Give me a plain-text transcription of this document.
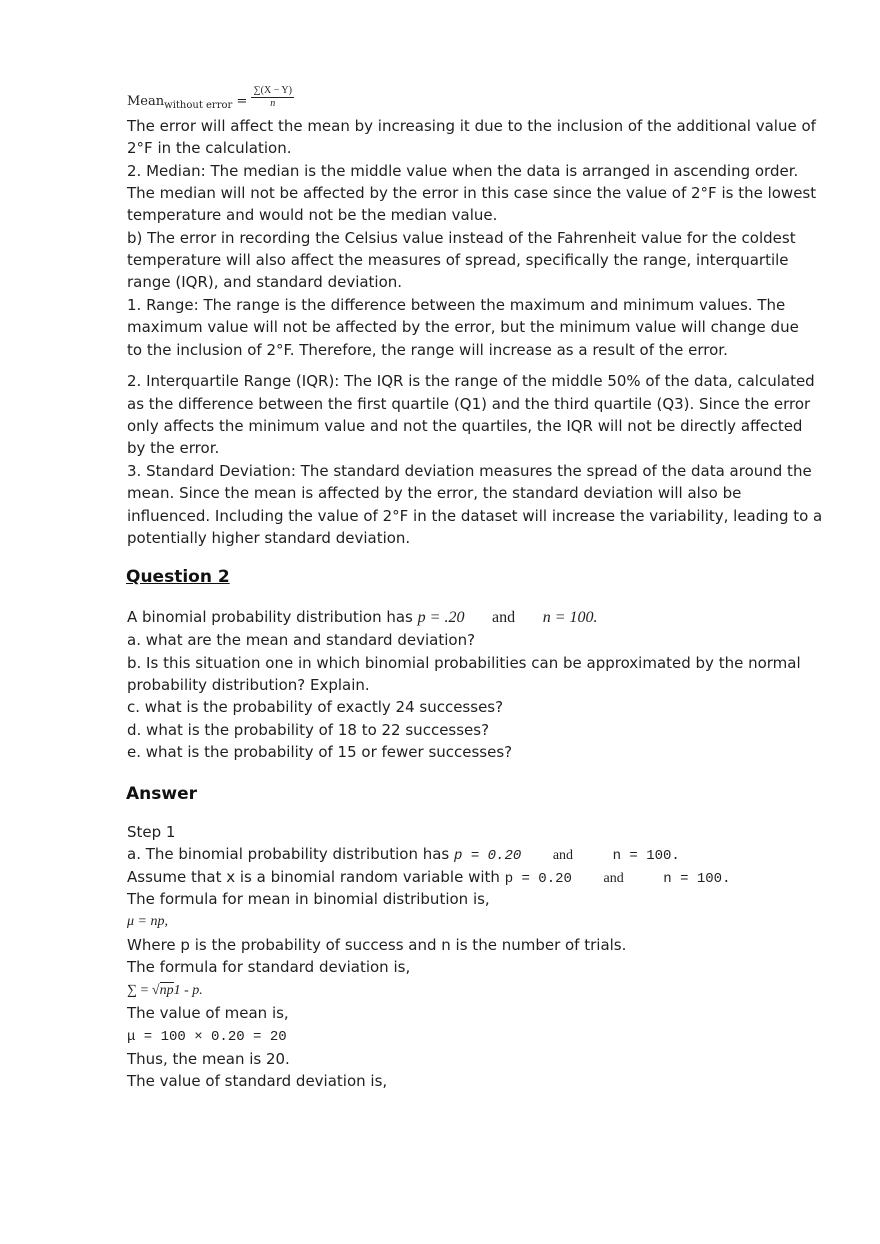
Mean$_{without error}$ = $\frac{\sum(X - Y)}{n}$
The error will affect the mean by increasing it due to the inclusion of the additional value of
2°F in the calculation.
2. Median: The median is the middle value when the data is arranged in ascending order.
The median will not be affected by the error in this case since the value of 2°F is the lowest
temperature and would not be the median value.
b) The error in recording the Celsius value instead of the Fahrenheit value for the coldest
temperature will also affect the measures of spread, specifically the range, interquartile
range (IQR), and standard deviation.
1. Range: The range is the difference between the maximum and minimum values. The
maximum value will not be affected by the error, but the minimum value will change due
to the inclusion of 2°F. Therefore, the range will increase as a result of the error.
2. Interquartile Range (IQR): The IQR is the range of the middle 50% of the data, calculated
as the difference between the first quartile (Q1) and the third quartile (Q3). Since the error
only affects the minimum value and not the quartiles, the IQR will not be directly affected
by the error.
3. Standard Deviation: The standard deviation measures the spread of the data around the
mean. Since the mean is affected by the error, the standard deviation will also be
influenced. Including the value of 2°F in the dataset will increase the variability, leading to a
potentially higher standard deviation.
Question 2
A binomial probability distribution has p = .20 and n = 100.
a. what are the mean and standard deviation?
b. Is this situation one in which binomial probabilities can be approximated by the normal
probability distribution? Explain.
c. what is the probability of exactly 24 successes?
d. what is the probability of 18 to 22 successes?
e. what is the probability of 15 or fewer successes?
Answer
Step 1
a. The binomial probability distribution has p = 0.20 and	n = 100.
Assume that x is a binomial random variable with p = 0.20 and	n = 100.
The formula for mean in binomial distribution is,
μ = np,
Where p is the probability of success and n is the number of trials.
The formula for standard deviation is,
∑ = √np1 - p.
The value of mean is,
μ = 100 × 0.20 = 20
Thus, the mean is 20.
The value of standard deviation is,
